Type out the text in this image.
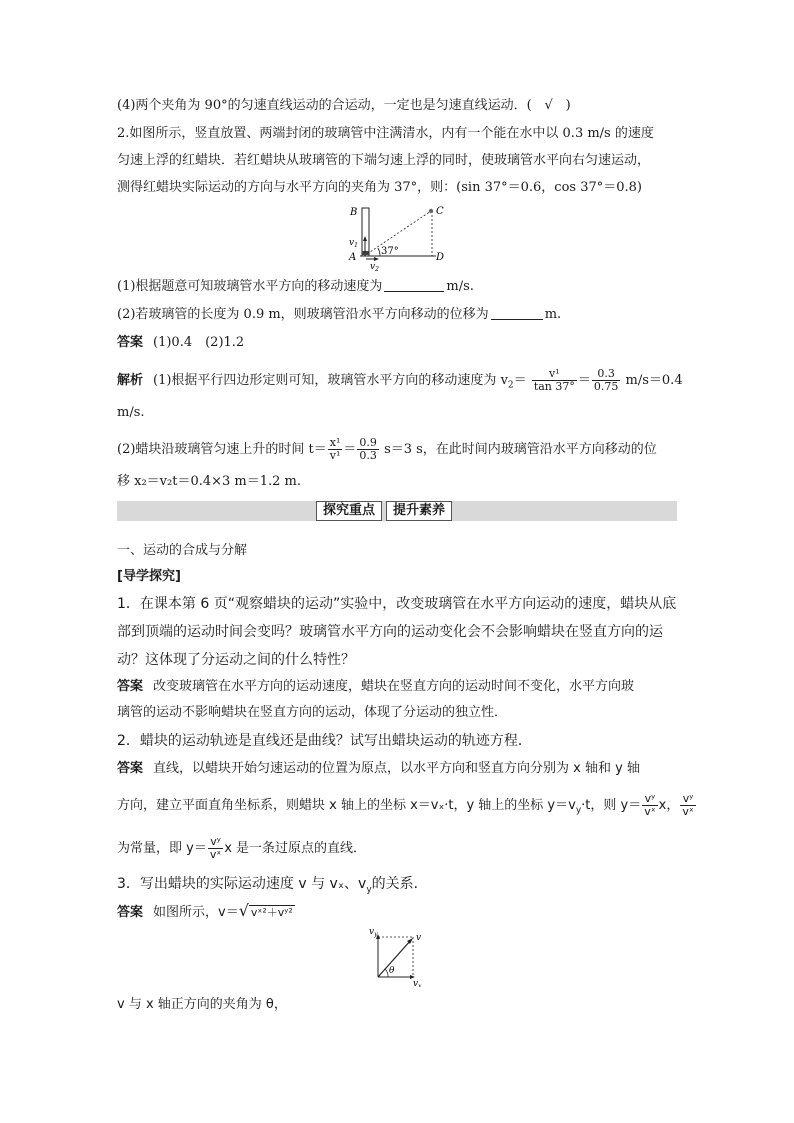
(4)两个夹角为 90°的匀速直线运动的合运动，一定也是匀速直线运动．( √ )
2.如图所示，竖直放置、两端封闭的玻璃管中注满清水，内有一个能在水中以 0.3 m/s 的速度
匀速上浮的红蜡块．若红蜡块从玻璃管的下端匀速上浮的同时，使玻璃管水平向右匀速运动，
测得红蜡块实际运动的方向与水平方向的夹角为 37°，则：(sin 37°＝0.6，cos 37°＝0.8)
B	C
A	D
$v_1$
$v_2$
37°
(1)根据题意可知玻璃管水平方向的移动速度为	m/s.
(2)若玻璃管的长度为 0.9 m，则玻璃管沿水平方向移动的位移为	m.
答案 (1)0.4　(2)1.2
解析 (1)根据平行四边形定则可知，玻璃管水平方向的移动速度为 $v_2= \frac{\text{v¹}}{\tan 37^\circ} = \frac{0.3}{0.75} m/s=0.4$
m/s.
(2)蜡块沿玻璃管匀速上升的时间 $t= \frac{\text{x¹}}{\text{v¹}} = \frac{0.9}{0.3} s=3$ s，在此时间内玻璃管沿水平方向移动的位
移 x₂＝v₂t＝0.4×3 m＝1.2 m.
探究重点	提升素养
一、运动的合成与分解
[导学探究]
1．在课本第 6 页“观察蜡块的运动”实验中，改变玻璃管在水平方向运动的速度，蜡块从底
部到顶端的运动时间会变吗？玻璃管水平方向的运动变化会不会影响蜡块在竖直方向的运
动？这体现了分运动之间的什么特性？
答案 改变玻璃管在水平方向的运动速度，蜡块在竖直方向的运动时间不变化，水平方向玻
璃管的运动不影响蜡块在竖直方向的运动，体现了分运动的独立性．
2．蜡块的运动轨迹是直线还是曲线？试写出蜡块运动的轨迹方程．
答案 直线，以蜡块开始匀速运动的位置为原点，以水平方向和竖直方向分别为 x 轴和 y 轴
方向，建立平面直角坐标系，则蜡块 x 轴上的坐标 x＝vₓ·t，y 轴上的坐标 $y=v_y\cdot t$，则 $y= \frac{\text{vʸ}}{\text{vˣ}}$ x， $\frac{\text{vʸ}}{\text{vˣ}}$
为常量，即 $y= \frac{\text{vʸ}}{\text{vˣ}}$ x 是一条过原点的直线．
3．写出蜡块的实际运动速度 v 与 vₓ、$v_y$的关系．
答案 如图所示，v＝√ vˣ²＋vʸ²
$v_y$	v
$v_x$
θ
v 与 x 轴正方向的夹角为 θ，
